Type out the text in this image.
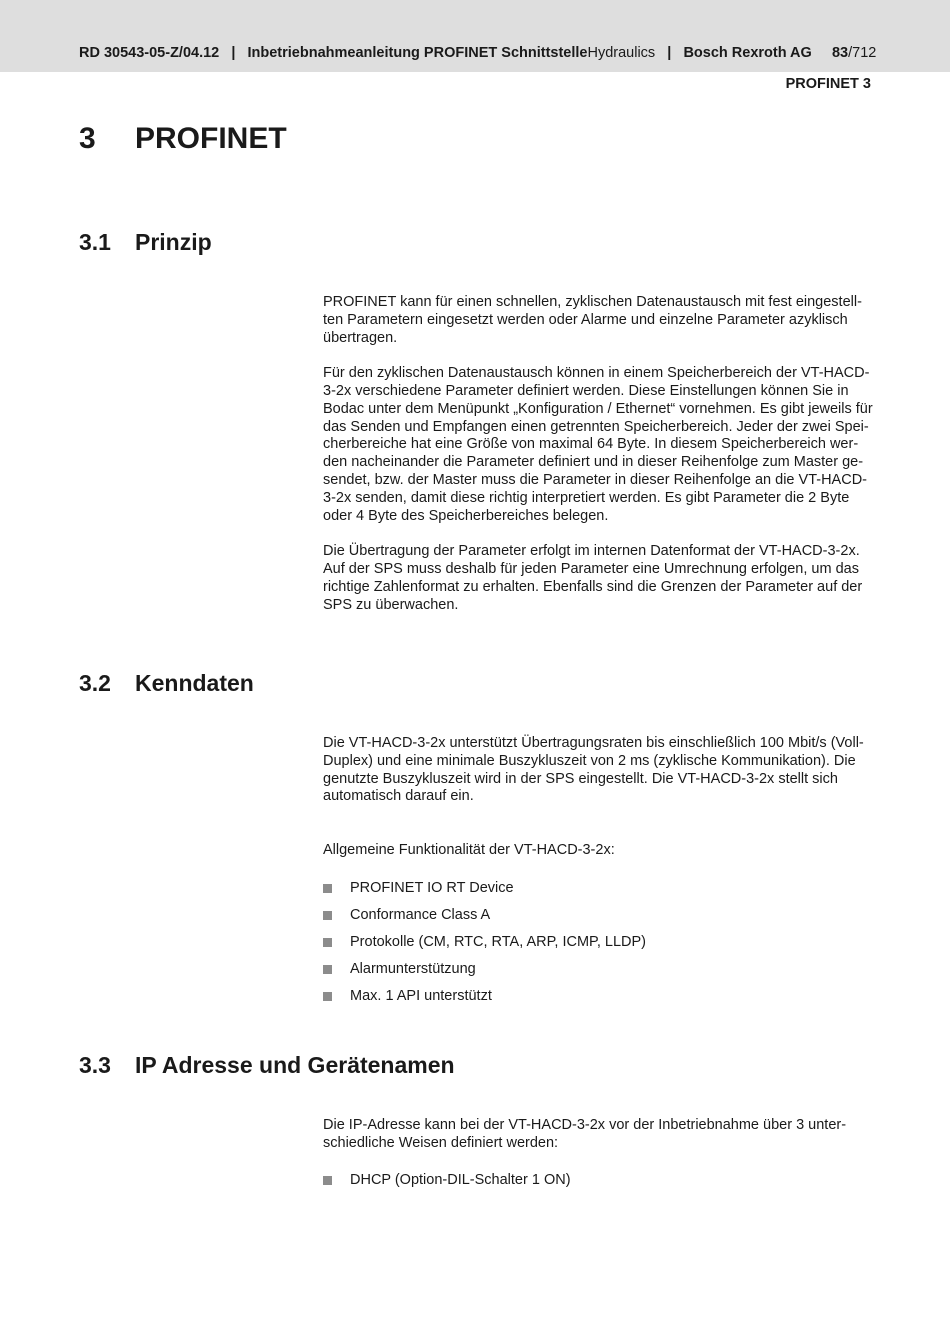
RD 30543-05-Z/04.12 | Inbetriebnahmeanleitung PROFINET Schnittstelle Hydraulics | Bosch Rexroth AG 83/712
PROFINET 3
3	PROFINET
3.1	Prinzip

PROFINET kann für einen schnellen, zyklischen Datenaustausch mit fest eingestell-
ten Parametern eingesetzt werden oder Alarme und einzelne Parameter azyklisch
übertragen.

Für den zyklischen Datenaustausch können in einem Speicherbereich der VT-HACD-
3-2x verschiedene Parameter definiert werden. Diese Einstellungen können Sie in
Bodac unter dem Menüpunkt „Konfiguration / Ethernet“ vornehmen. Es gibt jeweils für
das Senden und Empfangen einen getrennten Speicherbereich. Jeder der zwei Spei-
cherbereiche hat eine Größe von maximal 64 Byte. In diesem Speicherbereich wer-
den nacheinander die Parameter definiert und in dieser Reihenfolge zum Master ge-
sendet, bzw. der Master muss die Parameter in dieser Reihenfolge an die VT-HACD-
3-2x senden, damit diese richtig interpretiert werden. Es gibt Parameter die 2 Byte
oder 4 Byte des Speicherbereiches belegen.

Die Übertragung der Parameter erfolgt im internen Datenformat der VT-HACD-3-2x.
Auf der SPS muss deshalb für jeden Parameter eine Umrechnung erfolgen, um das
richtige Zahlenformat zu erhalten. Ebenfalls sind die Grenzen der Parameter auf der
SPS zu überwachen.

3.2	Kenndaten

Die VT-HACD-3-2x unterstützt Übertragungsraten bis einschließlich 100 Mbit/s (Voll-
Duplex) und eine minimale Buszykluszeit von 2 ms (zyklische Kommunikation). Die
genutzte Buszykluszeit wird in der SPS eingestellt. Die VT-HACD-3-2x stellt sich
automatisch darauf ein.

Allgemeine Funktionalität der VT-HACD-3-2x:

PROFINET IO RT Device
Conformance Class A
Protokolle (CM, RTC, RTA, ARP, ICMP, LLDP)
Alarmunterstützung
Max. 1 API unterstützt
3.3	IP Adresse und Gerätenamen

Die IP-Adresse kann bei der VT-HACD-3-2x vor der Inbetriebnahme über 3 unter-
schiedliche Weisen definiert werden:

DHCP (Option-DIL-Schalter 1 ON)
